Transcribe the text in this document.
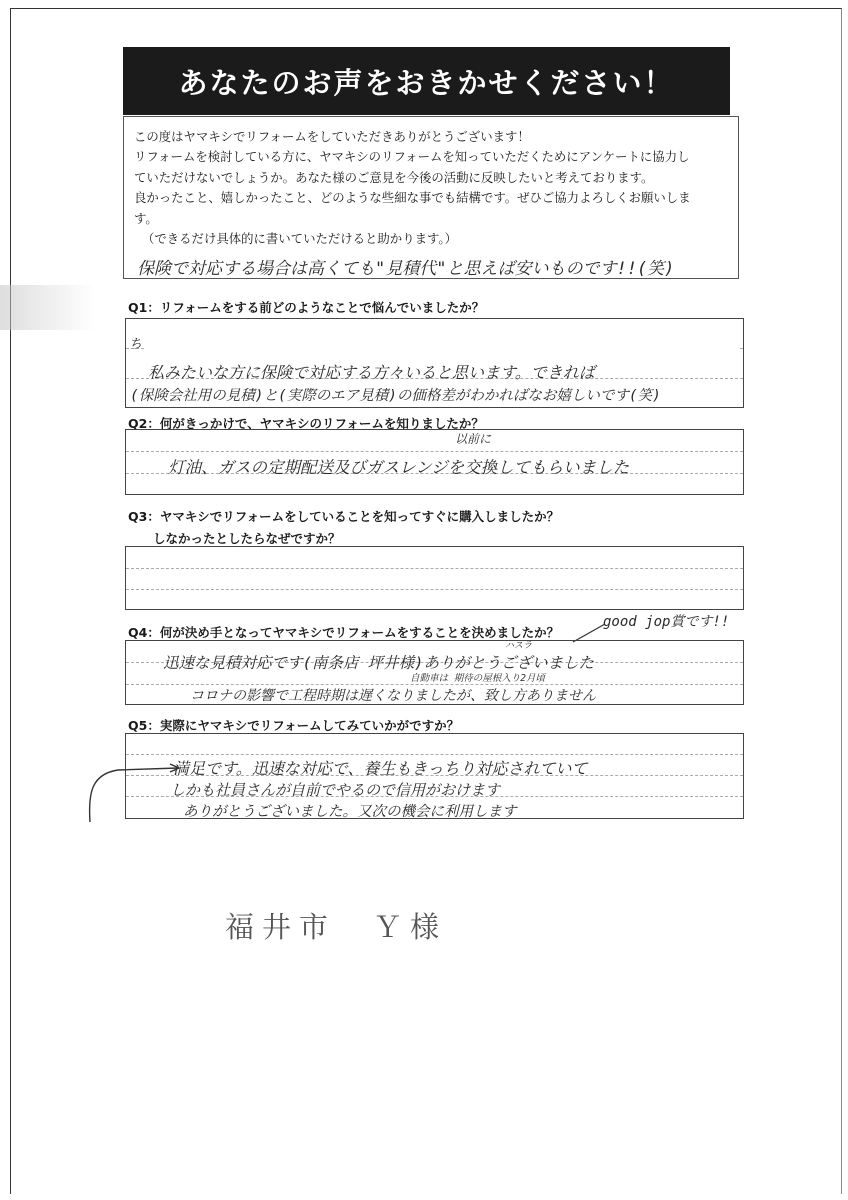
あなたのお声をおきかせください！

この度はヤマキシでリフォームをしていただきありがとうございます！

リフォームを検討している方に、ヤマキシのリフォームを知っていただくためにアンケートに協力し

ていただけないでしょうか。あなた様のご意見を今後の活動に反映したいと考えております。

良かったこと、嬉しかったこと、どのような些細な事でも結構です。ぜひご協力よろしくお願いしま

す。

（できるだけ具体的に書いていただけると助かります。）

保険で対応する場合は高くても"見積代"と思えば安いものです!!(笑)
Q1：リフォームをする前どのようなことで悩んでいましたか？
ち
私みたいな方に保険で対応する方々いると思います。できれば
(保険会社用の見積)と(実際のエア見積)の価格差がわかればなお嬉しいです(笑)
Q2：何がきっかけで、ヤマキシのリフォームを知りましたか？
以前に
灯油、ガスの定期配送及びガスレンジを交換してもらいました
Q3：ヤマキシでリフォームをしていることを知ってすぐに購入しましたか？
しなかったとしたらなぜですか？
Q4：何が決め手となってヤマキシでリフォームをすることを決めましたか？
good jop賞です!!
ハスラ
迅速な見積対応です(南条店 坪井様)ありがとうございました
自動車は 期待の屋根入り2月頃
コロナの影響で工程時期は遅くなりましたが、致し方ありません
Q5：実際にヤマキシでリフォームしてみていかがですか？
満足です。迅速な対応で、養生もきっちり対応されていて
しかも社員さんが自前でやるので信用がおけます
ありがとうございました。又次の機会に利用します
福井市　Ｙ様
